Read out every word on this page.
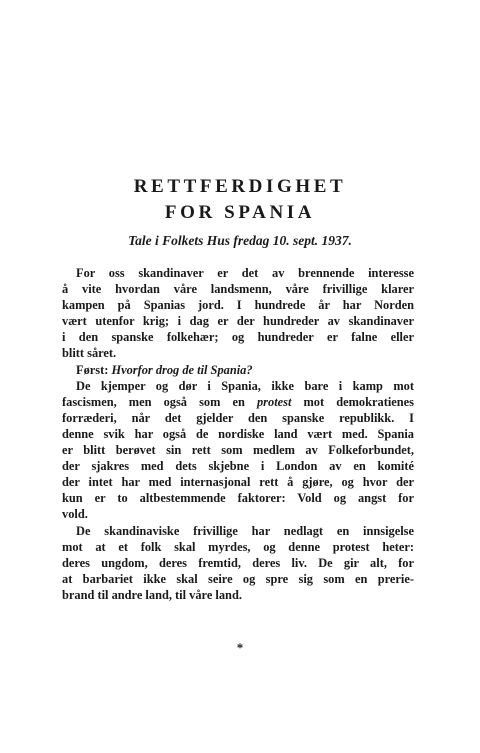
RETTFERDIGHET
FOR SPANIA
Tale i Folkets Hus fredag 10. sept. 1937.
For oss skandinaver er det av brennende interesse
å vite hvordan våre landsmenn, våre frivillige klarer
kampen på Spanias jord. I hundrede år har Norden
vært utenfor krig; i dag er der hundreder av skandinaver
i den spanske folkehær; og hundreder er falne eller
blitt såret.
Først: Hvorfor drog de til Spania?
De kjemper og dør i Spania, ikke bare i kamp mot
fascismen, men også som en protest mot demokratienes
forræderi, når det gjelder den spanske republikk. I
denne svik har også de nordiske land vært med. Spania
er blitt berøvet sin rett som medlem av Folkeforbundet,
der sjakres med dets skjebne i London av en komité
der intet har med internasjonal rett å gjøre, og hvor der
kun er to altbestemmende faktorer: Vold og angst for
vold.
De skandinaviske frivillige har nedlagt en innsigelse
mot at et folk skal myrdes, og denne protest heter:
deres ungdom, deres fremtid, deres liv. De gir alt, for
at barbariet ikke skal seire og spre sig som en prerie-
brand til andre land, til våre land.
*
